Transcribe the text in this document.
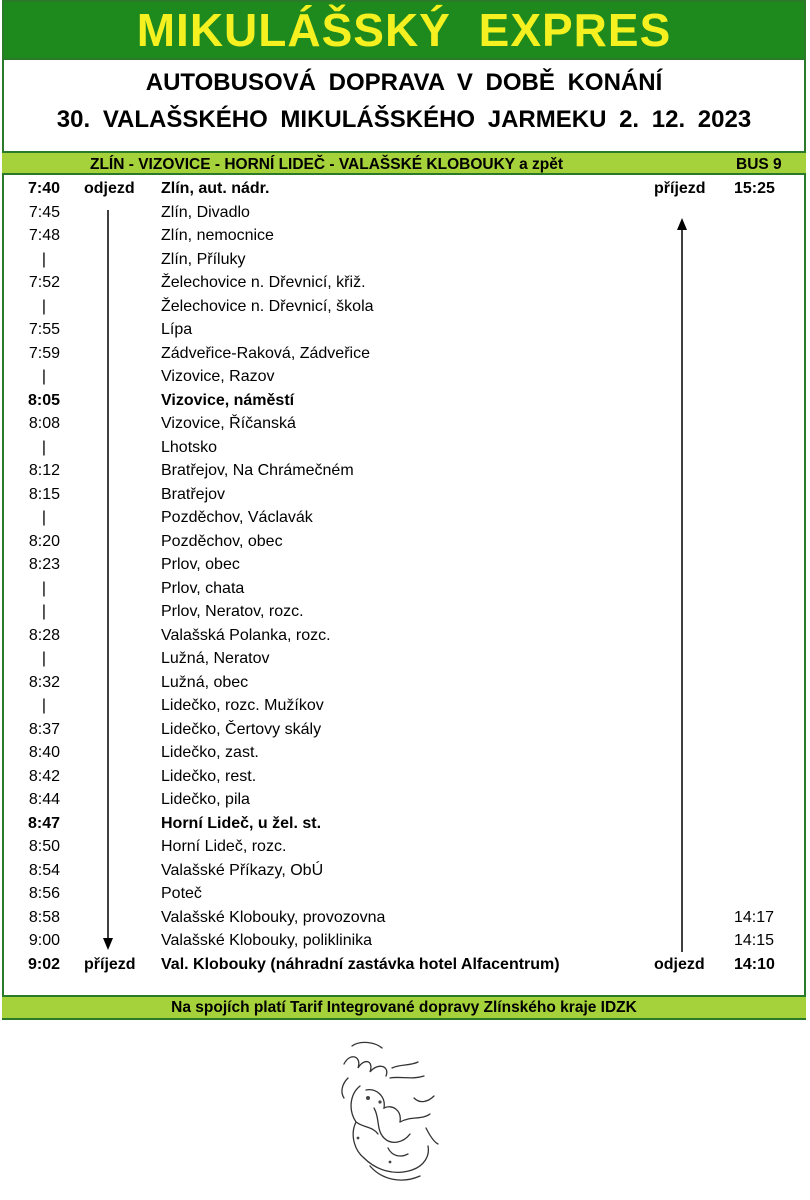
MIKULÁŠSKÝ EXPRES
AUTOBUSOVÁ DOPRAVA V DOBĚ KONÁNÍ
30. VALAŠSKÉHO MIKULÁŠSKÉHO JARMEKU 2. 12. 2023
ZLÍN - VIZOVICE - HORNÍ LIDEČ - VALAŠSKÉ KLOBOUKY a zpět	BUS 9
7:40 odjezd Zlín, aut. nádr.	příjezd 15:25
7:45	Zlín, Divadlo
7:48	Zlín, nemocnice
|	Zlín, Příluky
7:52	Želechovice n. Dřevnicí, křiž.
|	Želechovice n. Dřevnicí, škola
7:55	Lípa
7:59	Zádveřice-Raková, Zádveřice
|	Vizovice, Razov
8:05	Vizovice, náměstí
8:08	Vizovice, Říčanská
|	Lhotsko
8:12	Bratřejov, Na Chrámečném
8:15	Bratřejov
|	Pozděchov, Václavák
8:20	Pozděchov, obec
8:23	Prlov, obec
|	Prlov, chata
|	Prlov, Neratov, rozc.
8:28	Valašská Polanka, rozc.
|	Lužná, Neratov
8:32	Lužná, obec
|	Lidečko, rozc. Mužíkov
8:37	Lidečko, Čertovy skály
8:40	Lidečko, zast.
8:42	Lidečko, rest.
8:44	Lidečko, pila
8:47	Horní Lideč, u žel. st.
8:50	Horní Lideč, rozc.
8:54	Valašské Příkazy, ObÚ
8:56	Poteč
8:58	Valašské Klobouky, provozovna	14:17
9:00	Valašské Klobouky, poliklinika	14:15
9:02 příjezd Val. Klobouky (náhradní zastávka hotel Alfacentrum)	odjezd 14:10
Na spojích platí Tarif Integrované dopravy Zlínského kraje IDZK
